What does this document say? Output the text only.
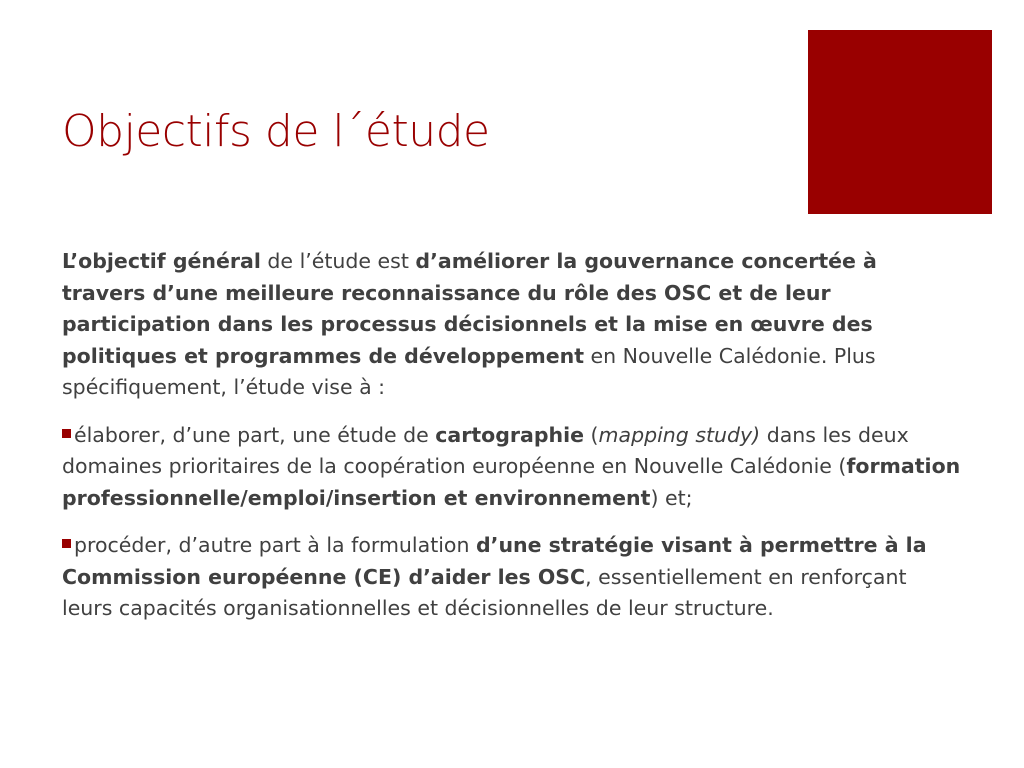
Objectifs de l´étude

L’objectif général de l’étude est d’améliorer la gouvernance concertée à travers d’une meilleure reconnaissance du rôle des OSC et de leur participation dans les processus décisionnels et la mise en œuvre des politiques et programmes de développement en Nouvelle Calédonie. Plus spécifiquement, l’étude vise à :

élaborer, d’une part, une étude de cartographie (mapping study) dans les deux domaines prioritaires de la coopération européenne en Nouvelle Calédonie (formation professionnelle/emploi/insertion et environnement) et;

procéder, d’autre part à la formulation d’une stratégie visant à permettre à la Commission européenne (CE) d’aider les OSC, essentiellement en renforçant leurs capacités organisationnelles et décisionnelles de leur structure.
